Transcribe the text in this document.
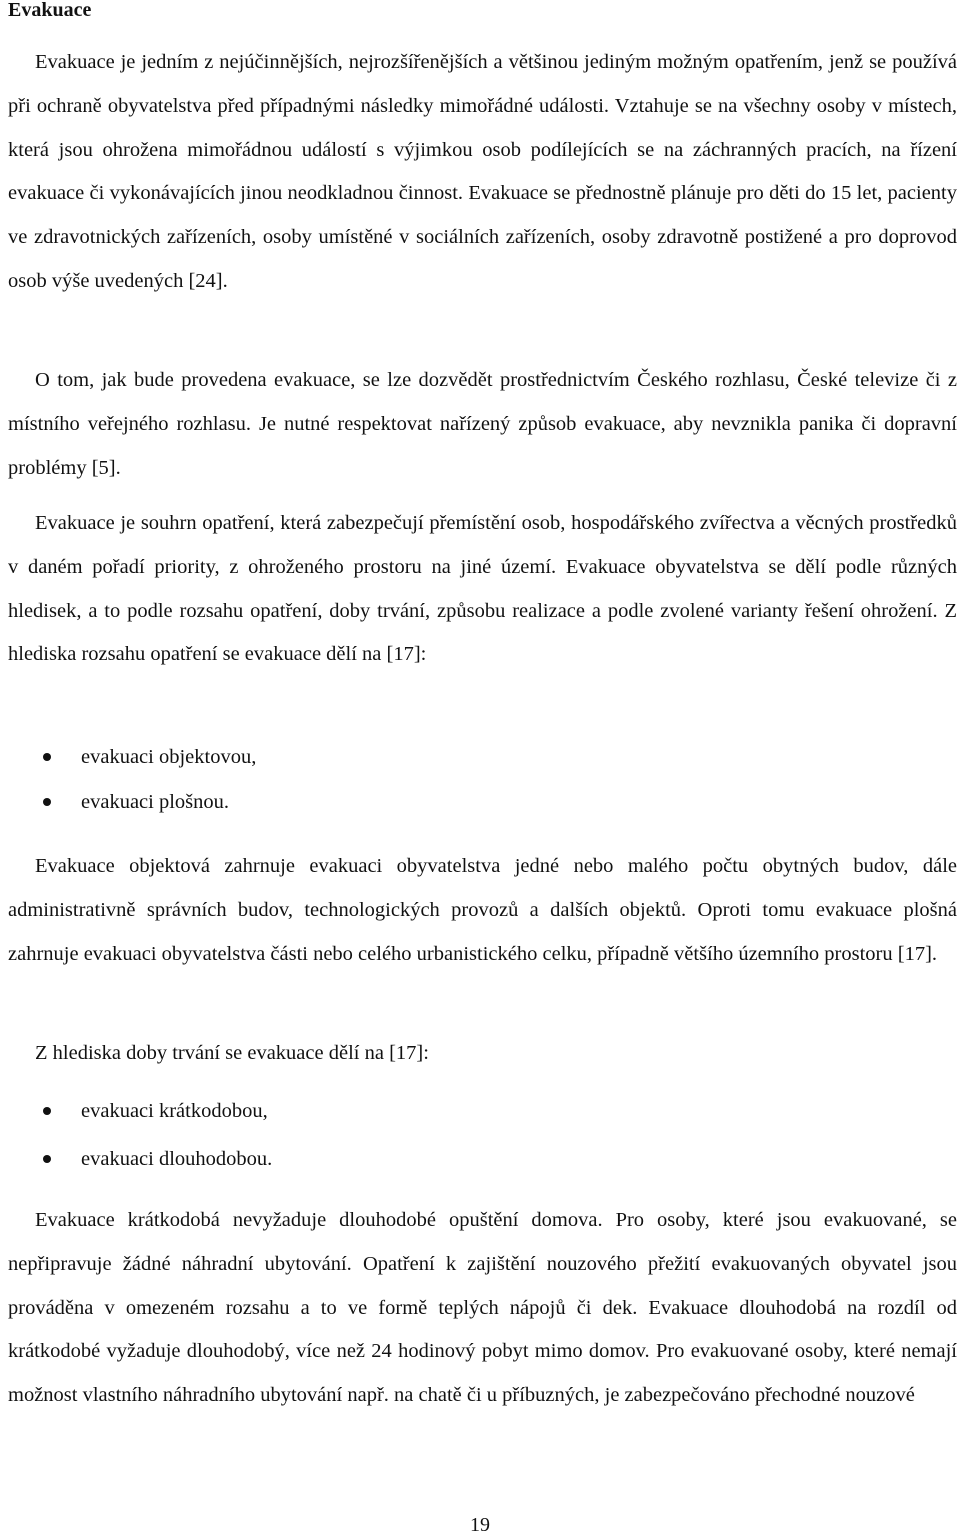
Evakuace

Evakuace je jedním z nejúčinnějších, nejrozšířenějších a většinou jediným možným opatřením, jenž se používá při ochraně obyvatelstva před případnými následky mimořádné události. Vztahuje se na všechny osoby v místech, která jsou ohrožena mimořádnou událostí s výjimkou osob podílejících se na záchranných pracích, na řízení evakuace či vykonávajících jinou neodkladnou činnost. Evakuace se přednostně plánuje pro děti do 15 let, pacienty ve zdravotnických zařízeních, osoby umístěné v sociálních zařízeních, osoby zdravotně postižené a pro doprovod osob výše uvedených [24].

O tom, jak bude provedena evakuace, se lze dozvědět prostřednictvím Českého rozhlasu, České televize či z místního veřejného rozhlasu. Je nutné respektovat nařízený způsob evakuace, aby nevznikla panika či dopravní problémy [5].

Evakuace je souhrn opatření, která zabezpečují přemístění osob, hospodářského zvířectva a věcných prostředků v daném pořadí priority, z ohroženého prostoru na jiné území. Evakuace obyvatelstva se dělí podle různých hledisek, a to podle rozsahu opatření, doby trvání, způsobu realizace a podle zvolené varianty řešení ohrožení. Z hlediska rozsahu opatření se evakuace dělí na [17]:

evakuaci objektovou,
evakuaci plošnou.

Evakuace objektová zahrnuje evakuaci obyvatelstva jedné nebo malého počtu obytných budov, dále administrativně správních budov, technologických provozů a dalších objektů. Oproti tomu evakuace plošná zahrnuje evakuaci obyvatelstva části nebo celého urbanistického celku, případně většího územního prostoru [17].

Z hlediska doby trvání se evakuace dělí na [17]:

evakuaci krátkodobou,
evakuaci dlouhodobou.

Evakuace krátkodobá nevyžaduje dlouhodobé opuštění domova. Pro osoby, které jsou evakuované, se nepřipravuje žádné náhradní ubytování. Opatření k zajištění nouzového přežití evakuovaných obyvatel jsou prováděna v omezeném rozsahu a to ve formě teplých nápojů či dek. Evakuace dlouhodobá na rozdíl od krátkodobé vyžaduje dlouhodobý, více než 24 hodinový pobyt mimo domov. Pro evakuované osoby, které nemají možnost vlastního náhradního ubytování např. na chatě či u příbuzných, je zabezpečováno přechodné nouzové

19
